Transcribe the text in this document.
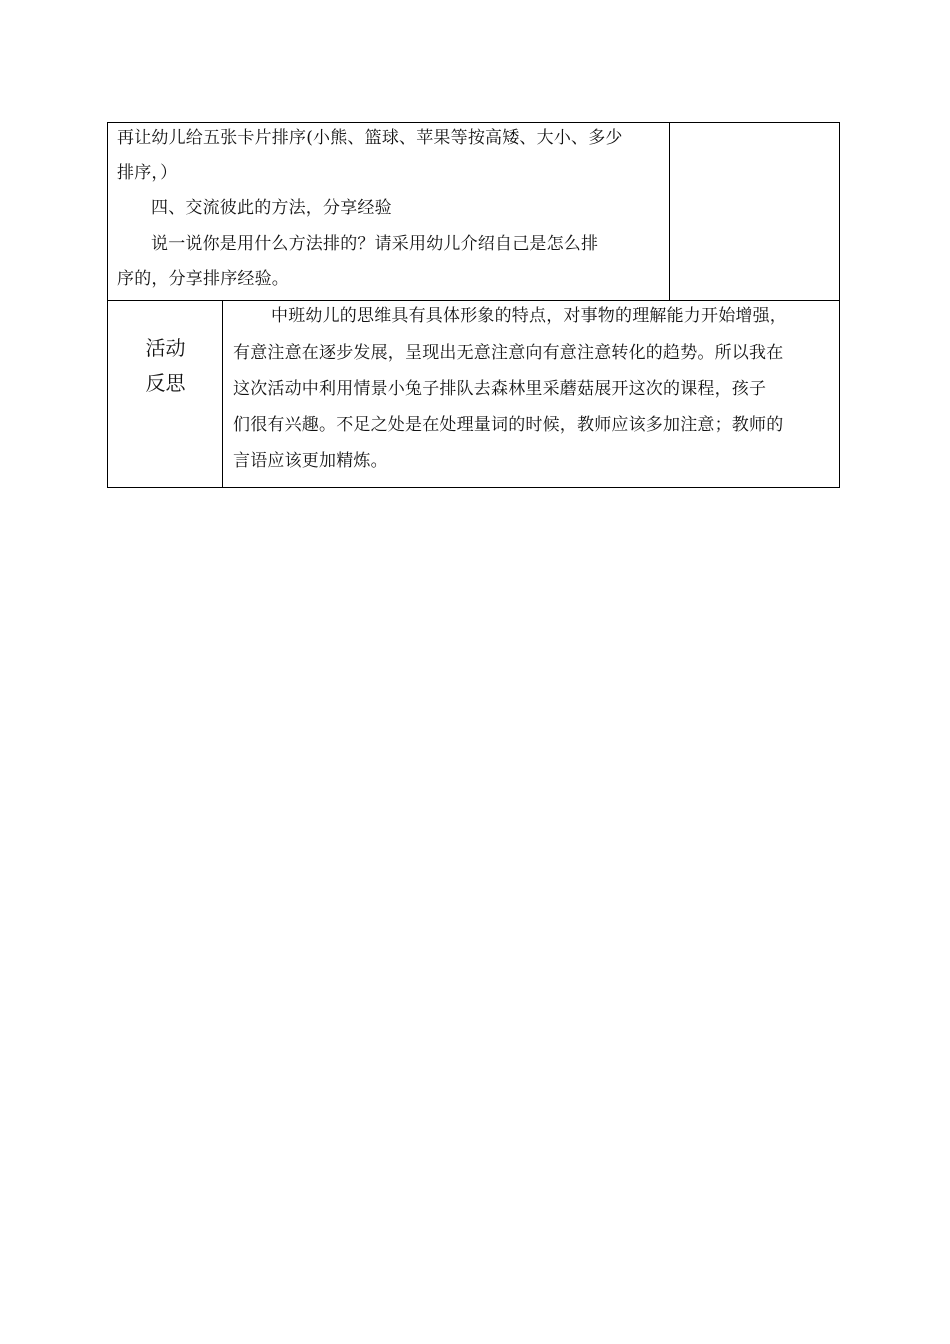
再让幼儿给五张卡片排序(小熊、篮球、苹果等按高矮、大小、多少
排序，）
四、交流彼此的方法，分享经验
说一说你是用什么方法排的？请采用幼儿介绍自己是怎么排
序的，分享排序经验。
活动
反思
中班幼儿的思维具有具体形象的特点，对事物的理解能力开始增强，
有意注意在逐步发展，呈现出无意注意向有意注意转化的趋势。所以我在
这次活动中利用情景小兔子排队去森林里采蘑菇展开这次的课程，孩子
们很有兴趣。不足之处是在处理量词的时候，教师应该多加注意；教师的
言语应该更加精炼。
